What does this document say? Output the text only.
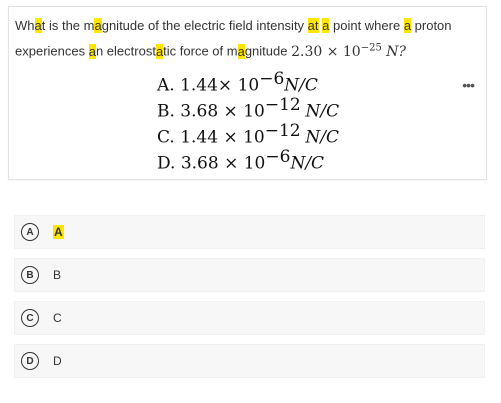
What is the magnitude of the electric field intensity at a point where a proton experiences an electrostatic force of magnitude $2.30 \times 10^{-25}$ N?
A. $1.44\times 10^{-6}N/C$
B. $3.68 \times 10^{-12}$ N/C
C. $1.44 \times 10^{-12}$ N/C
D. $3.68 \times 10^{-6}N/C$
•••
A	A
B	B
C	C
D	D
